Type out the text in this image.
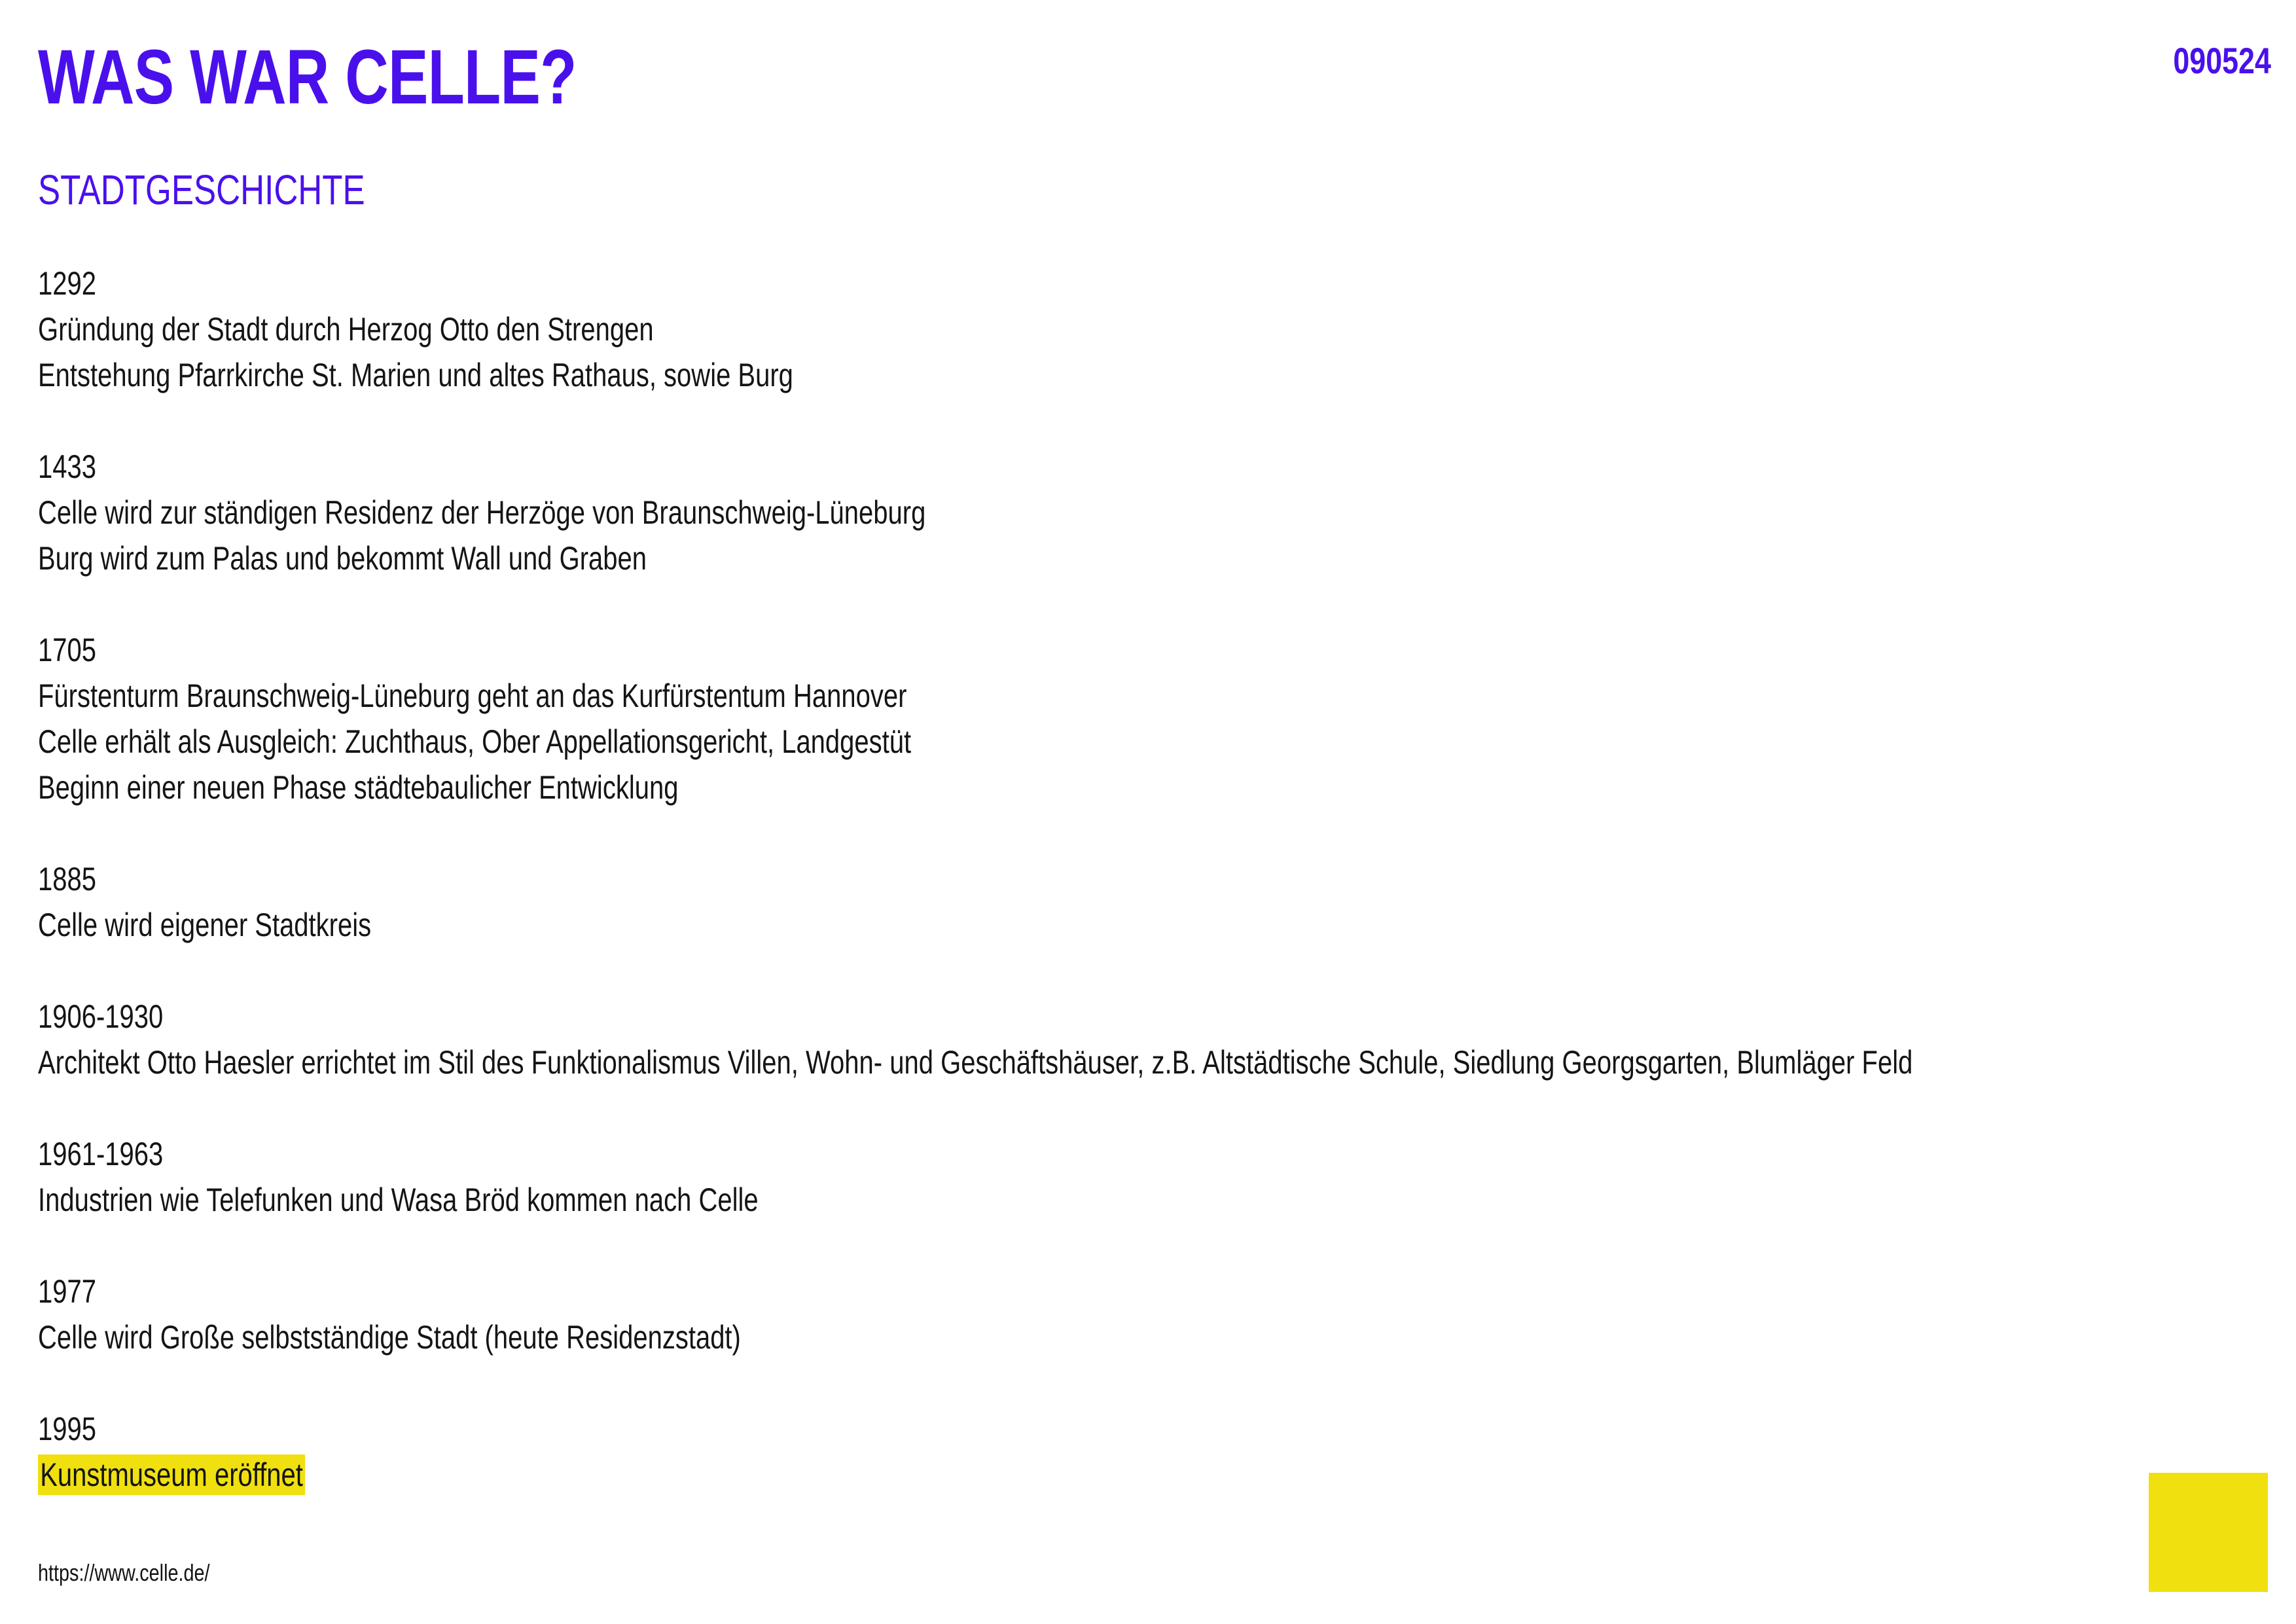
WAS WAR CELLE?	090524
STADTGESCHICHTE
1292
Gründung der Stadt durch Herzog Otto den Strengen
Entstehung Pfarrkirche St. Marien und altes Rathaus, sowie Burg
1433
Celle wird zur ständigen Residenz der Herzöge von Braunschweig-Lüneburg
Burg wird zum Palas und bekommt Wall und Graben
1705
Fürstenturm Braunschweig-Lüneburg geht an das Kurfürstentum Hannover
Celle erhält als Ausgleich: Zuchthaus, Ober Appellationsgericht, Landgestüt
Beginn einer neuen Phase städtebaulicher Entwicklung
1885
Celle wird eigener Stadtkreis
1906-1930
Architekt Otto Haesler errichtet im Stil des Funktionalismus Villen, Wohn- und Geschäftshäuser, z.B. Altstädtische Schule, Siedlung Georgsgarten, Blumläger Feld
1961-1963
Industrien wie Telefunken und Wasa Bröd kommen nach Celle
1977
Celle wird Große selbstständige Stadt (heute Residenzstadt)
1995
Kunstmuseum eröffnet
https://www.celle.de/
